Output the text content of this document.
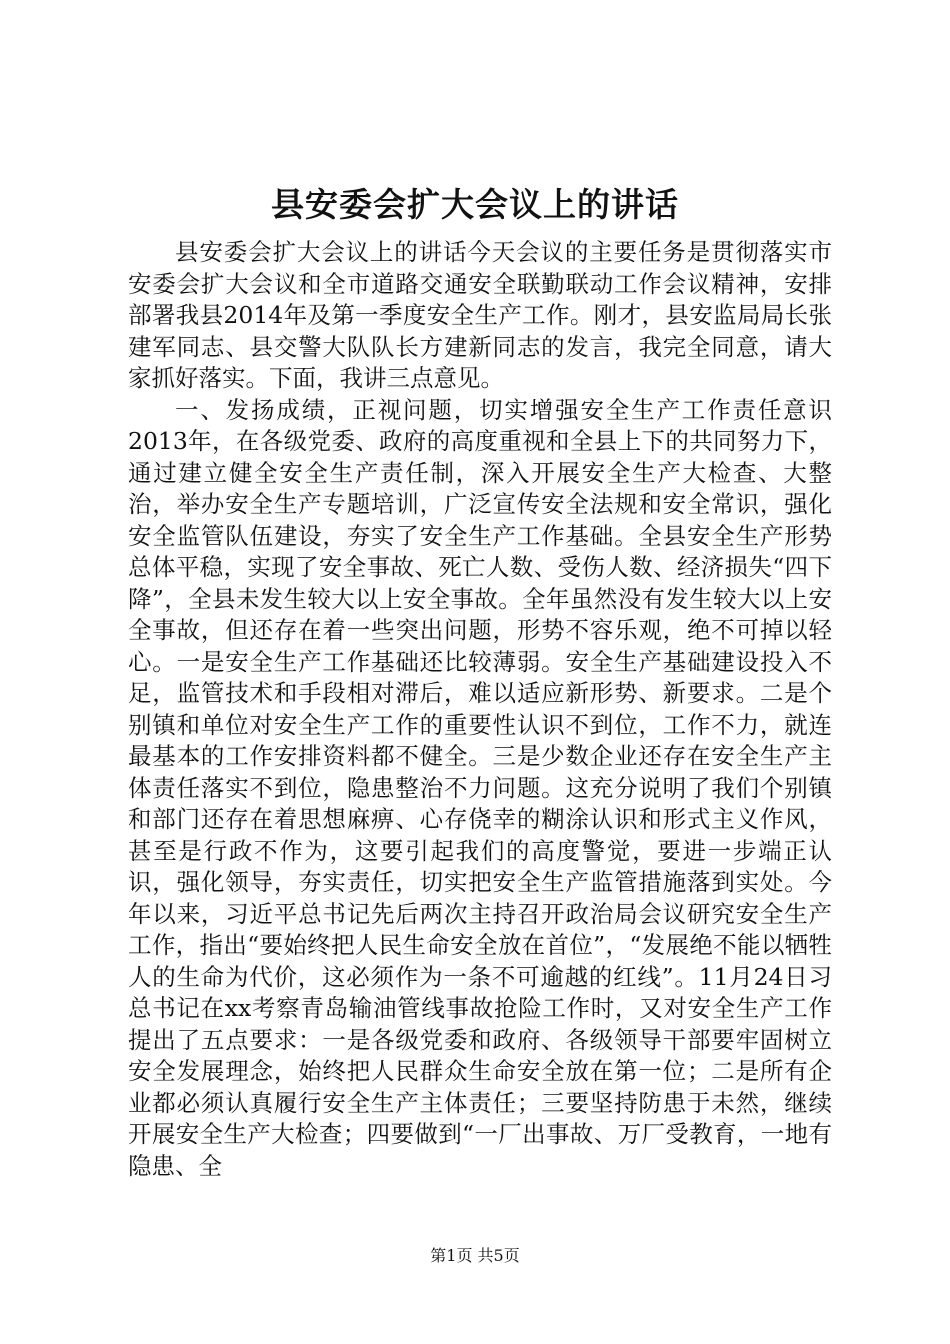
县安委会扩大会议上的讲话

县安委会扩大会议上的讲话今天会议的主要任务是贯彻落实市安委会扩大会议和全市道路交通安全联勤联动工作会议精神，安排部署我县2014年及第一季度安全生产工作。刚才，县安监局局长张建军同志、县交警大队队长方建新同志的发言，我完全同意，请大家抓好落实。下面，我讲三点意见。

一、发扬成绩，正视问题，切实增强安全生产工作责任意识2013年，在各级党委、政府的高度重视和全县上下的共同努力下，通过建立健全安全生产责任制，深入开展安全生产大检查、大整治，举办安全生产专题培训，广泛宣传安全法规和安全常识，强化安全监管队伍建设，夯实了安全生产工作基础。全县安全生产形势总体平稳，实现了安全事故、死亡人数、受伤人数、经济损失“四下降”，全县未发生较大以上安全事故。全年虽然没有发生较大以上安全事故，但还存在着一些突出问题，形势不容乐观，绝不可掉以轻心。一是安全生产工作基础还比较薄弱。安全生产基础建设投入不足，监管技术和手段相对滞后，难以适应新形势、新要求。二是个别镇和单位对安全生产工作的重要性认识不到位，工作不力，就连最基本的工作安排资料都不健全。三是少数企业还存在安全生产主体责任落实不到位，隐患整治不力问题。这充分说明了我们个别镇和部门还存在着思想麻痹、心存侥幸的糊涂认识和形式主义作风，甚至是行政不作为，这要引起我们的高度警觉，要进一步端正认识，强化领导，夯实责任，切实把安全生产监管措施落到实处。今年以来，习近平总书记先后两次主持召开政治局会议研究安全生产工作，指出“要始终把人民生命安全放在首位”，“发展绝不能以牺牲人的生命为代价，这必须作为一条不可逾越的红线”。11月24日习总书记在xx考察青岛输油管线事故抢险工作时，又对安全生产工作提出了五点要求：一是各级党委和政府、各级领导干部要牢固树立安全发展理念，始终把人民群众生命安全放在第一位；二是所有企业都必须认真履行安全生产主体责任；三要坚持防患于未然，继续开展安全生产大检查；四要做到“一厂出事故、万厂受教育，一地有隐患、全

第1页 共5页
